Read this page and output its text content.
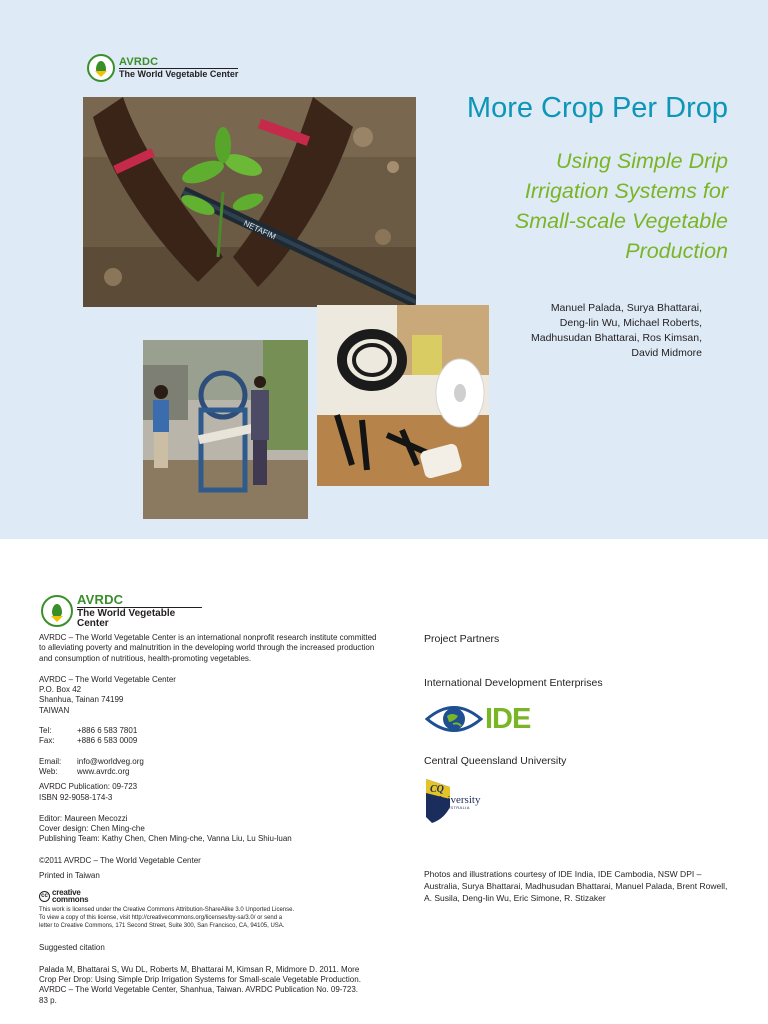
AVRDC
The World Vegetable Center
More Crop Per Drop
Using Simple Drip
Irrigation Systems for
Small-scale Vegetable
Production
Manuel Palada, Surya Bhattarai,
Deng-lin Wu, Michael Roberts,
Madhusudan Bhattarai, Ros Kimsan,
David Midmore
NETAFIM
AVRDC
The World Vegetable Center

AVRDC – The World Vegetable Center is an international nonprofit research institute committed to alleviating poverty and malnutrition in the developing world through the increased production and consumption of nutritious, health-promoting vegetables.

AVRDC – The World Vegetable Center

P.O. Box 42

Shanhua, Tainan 74199

TAIWAN

Tel:	+886 6 583 7801
Fax:	+886 6 583 0009
Email:	info@worldveg.org
Web:	www.avrdc.org

AVRDC Publication: 09-723

ISBN 92-9058-174-3

Editor: Maureen Mecozzi

Cover design: Chen Ming-che

Publishing Team: Kathy Chen, Chen Ming-che, Vanna Liu, Lu Shiu-luan

©2011 AVRDC – The World Vegetable Center

Printed in Taiwan

cc creative commons

This work is licensed under the Creative Commons Attribution-ShareAlike 3.0 Unported License.

To view a copy of this license, visit http://creativecommons.org/licenses/by-sa/3.0/ or send a

letter to Creative Commons, 171 Second Street, Suite 300, San Francisco, CA, 94105, USA.

Suggested citation

Palada M, Bhattarai S, Wu DL, Roberts M, Bhattarai M, Kimsan R, Midmore D. 2011. More Crop Per Drop: Using Simple Drip Irrigation Systems for Small-scale Vegetable Production. AVRDC – The World Vegetable Center, Shanhua, Taiwan. AVRDC Publication No. 09-723. 83 p.

Project Partners
International Development Enterprises
IDE
Central Queensland University
CQ
University
AUSTRALIA
Photos and illustrations courtesy of IDE India, IDE Cambodia, NSW DPI – Australia, Surya Bhattarai, Madhusudan Bhattarai, Manuel Palada, Brent Rowell, A. Susila, Deng-lin Wu, Eric Simone, R. Stizaker
